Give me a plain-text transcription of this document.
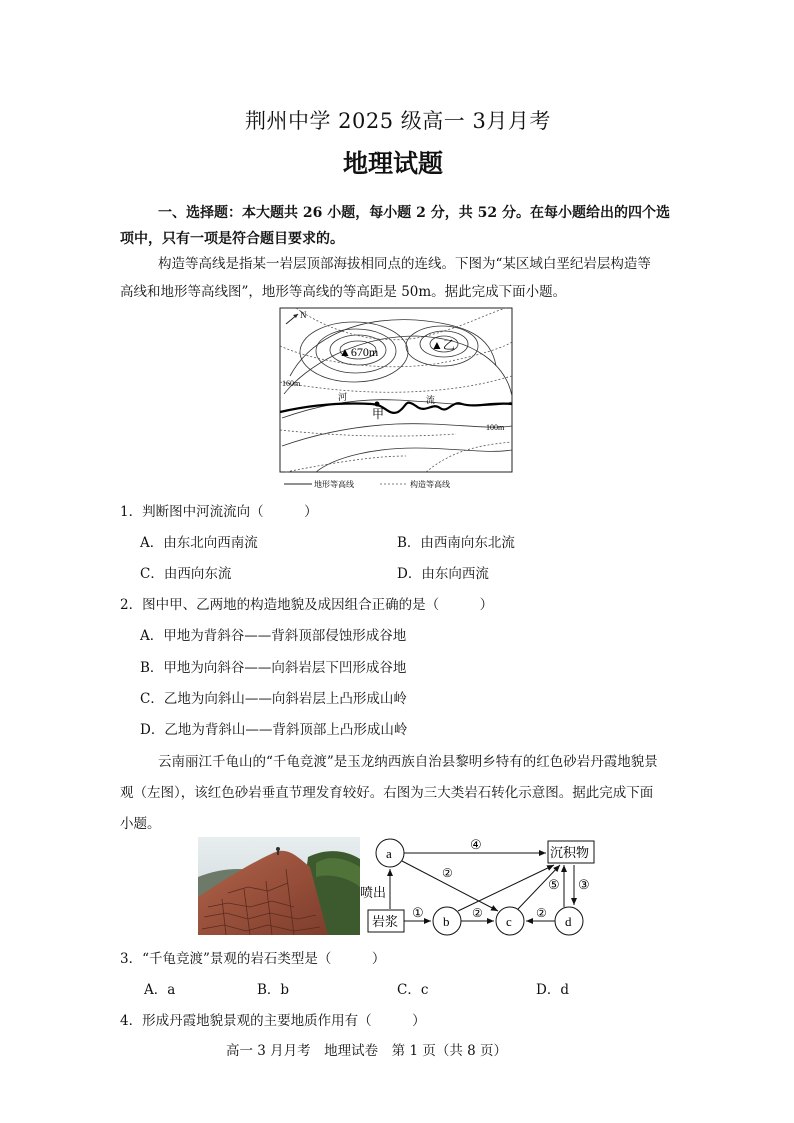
荆州中学 2025 级高一 3月月考
地理试题
一、选择题：本大题共 26 小题，每小题 2 分，共 52 分。在每小题给出的四个选
项中，只有一项是符合题目要求的。
构造等高线是指某一岩层顶部海拔相同点的连线。下图为“某区域白垩纪岩层构造等
高线和地形等高线图”，地形等高线的等高距是 50m。据此完成下面小题。
N
▲670m	▲乙
160m
100m
河	流
甲
地形等高线	构造等高线
1．判断图中河流流向（　　　）
A．由东北向西南流	B．由西南向东北流
C．由西向东流	D．由东向西流
2．图中甲、乙两地的构造地貌及成因组合正确的是（　　　）
A．甲地为背斜谷——背斜顶部侵蚀形成谷地
B．甲地为向斜谷——向斜岩层下凹形成谷地
C．乙地为向斜山——向斜岩层上凸形成山岭
D．乙地为背斜山——背斜顶部上凸形成山岭
云南丽江千龟山的“千龟竞渡”是玉龙纳西族自治县黎明乡特有的红色砂岩丹霞地貌景
观（左图），该红色砂岩垂直节理发育较好。右图为三大类岩石转化示意图。据此完成下面
小题。
a
b	c	d
岩浆
沉积物
喷出
①
②
②	②
③
④
⑤
3．“千龟竞渡”景观的岩石类型是（　　　）
A．a	B．b	C．c	D．d
4．形成丹霞地貌景观的主要地质作用有（　　　）
高一 3 月月考　地理试卷　第 1 页（共 8 页）
